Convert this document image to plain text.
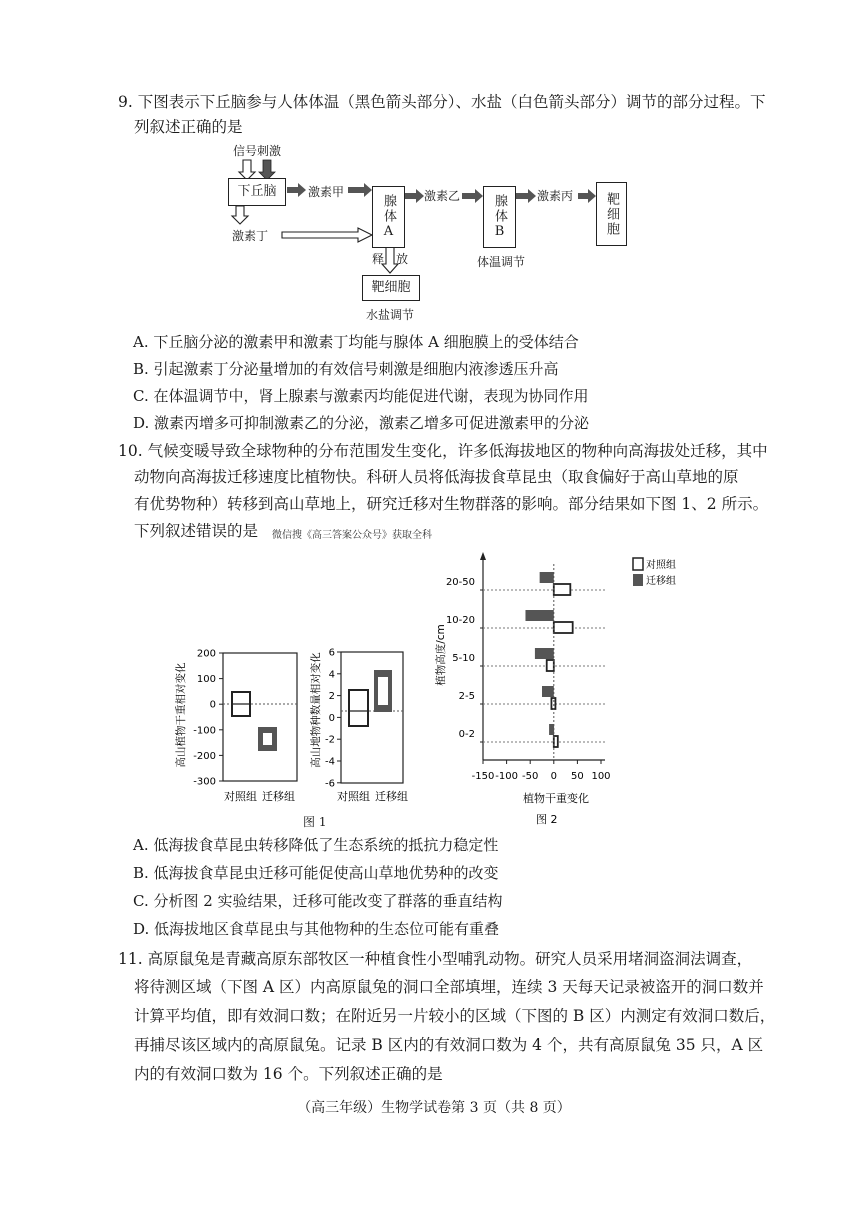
9. 下图表示下丘脑参与人体体温（黑色箭头部分）、水盐（白色箭头部分）调节的部分过程。下
列叙述正确的是
信号刺激
下丘脑	激素甲
腺体A	激素乙	腺体B	激素丙	靶细胞
激素丁
释 放	体温调节
靶细胞
水盐调节
A. 下丘脑分泌的激素甲和激素丁均能与腺体 A 细胞膜上的受体结合
B. 引起激素丁分泌量增加的有效信号刺激是细胞内液渗透压升高
C. 在体温调节中，肾上腺素与激素丙均能促进代谢，表现为协同作用
D. 激素丙增多可抑制激素乙的分泌，激素乙增多可促进激素甲的分泌
10. 气候变暖导致全球物种的分布范围发生变化，许多低海拔地区的物种向高海拔处迁移，其中
动物向高海拔迁移速度比植物快。科研人员将低海拔食草昆虫（取食偏好于高山草地的原
有优势物种）转移到高山草地上，研究迁移对生物群落的影响。部分结果如下图 1、2 所示。
下列叙述错误的是 微信搜《高三答案公众号》获取全科
高山植物干重相对变化
200
100
0
-100
-200
-300
对照组 迁移组
高山地物种数量相对变化 6
4
2
0
-2
-4
-6
对照组 迁移组
图 1
植物高度/cm
-150 -100 -50 0 50 100
20-50
10-20
5-10
2-5
0-2
对照组
迁移组
植物干重变化
图 2
A. 低海拔食草昆虫转移降低了生态系统的抵抗力稳定性
B. 低海拔食草昆虫迁移可能促使高山草地优势种的改变
C. 分析图 2 实验结果，迁移可能改变了群落的垂直结构
D. 低海拔地区食草昆虫与其他物种的生态位可能有重叠
11. 高原鼠兔是青藏高原东部牧区一种植食性小型哺乳动物。研究人员采用堵洞盗洞法调查，
将待测区域（下图 A 区）内高原鼠兔的洞口全部填埋，连续 3 天每天记录被盗开的洞口数并
计算平均值，即有效洞口数；在附近另一片较小的区域（下图的 B 区）内测定有效洞口数后，
再捕尽该区域内的高原鼠兔。记录 B 区内的有效洞口数为 4 个，共有高原鼠兔 35 只，A 区
内的有效洞口数为 16 个。下列叙述正确的是
（高三年级）生物学试卷第 3 页（共 8 页）
